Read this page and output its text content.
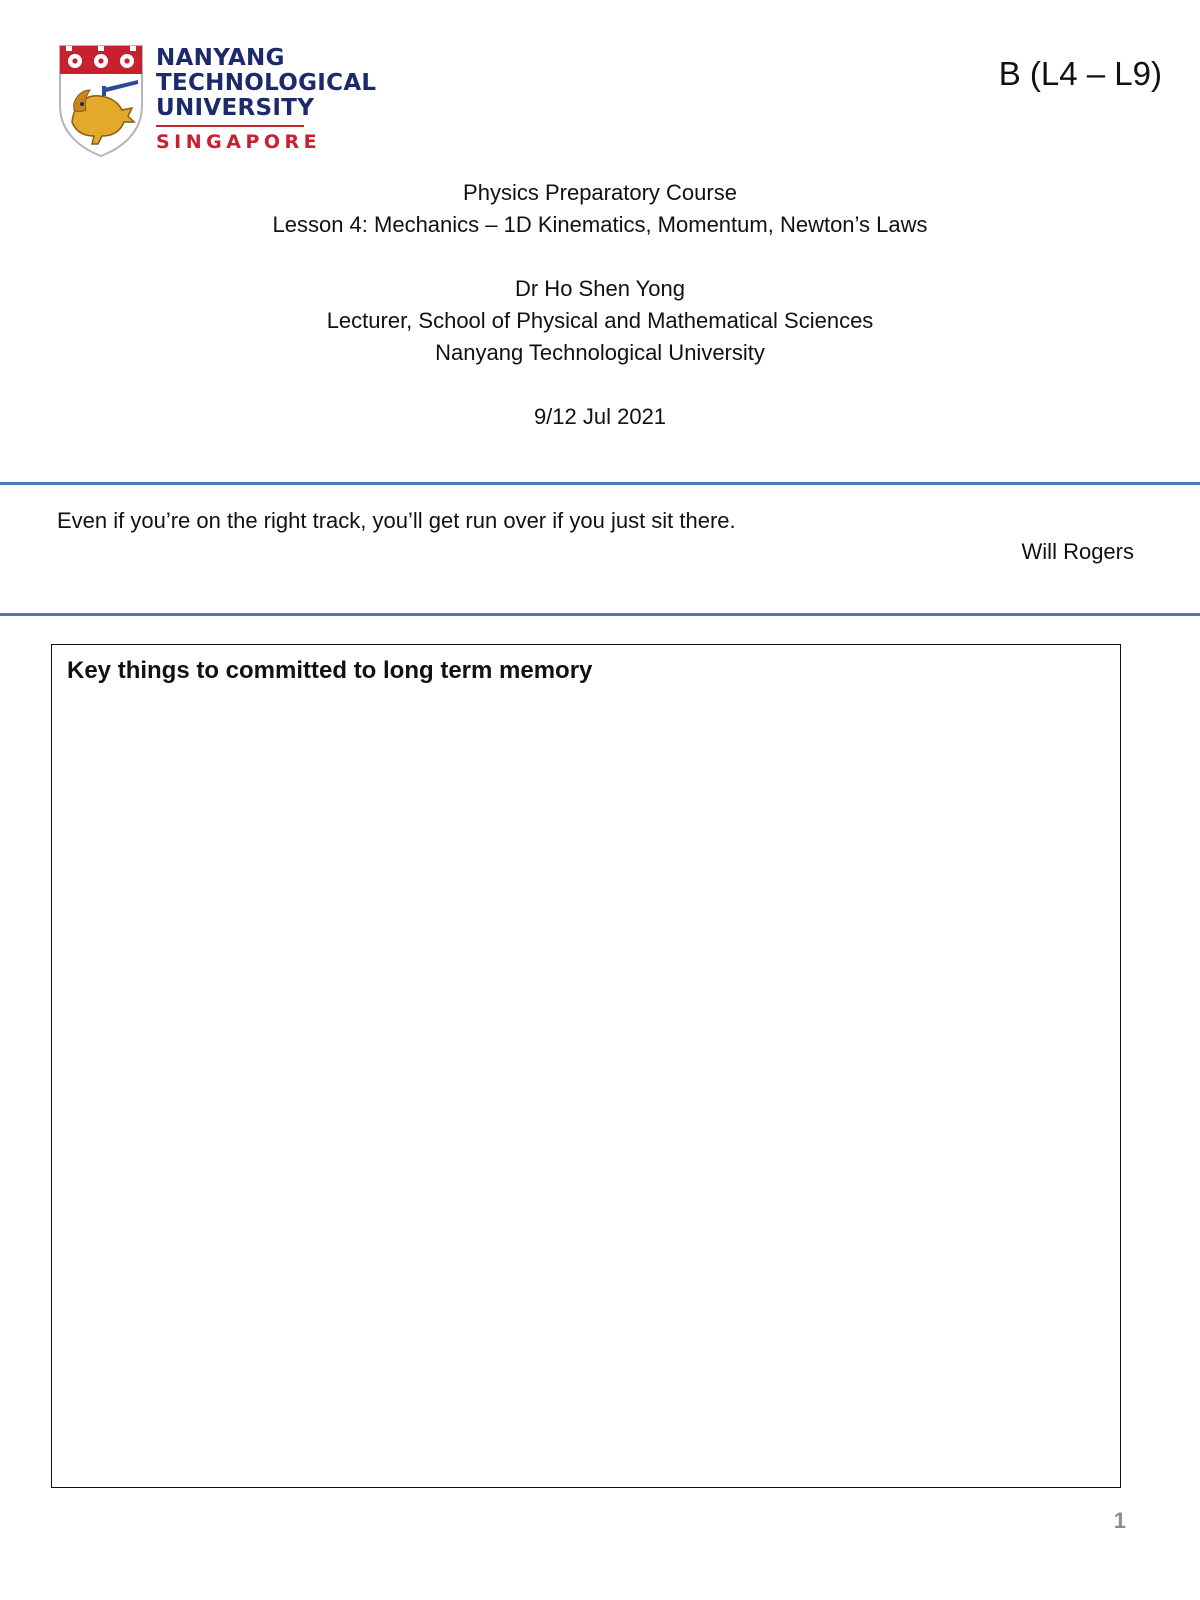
NANYANG
TECHNOLOGICAL
UNIVERSITY
SINGAPORE
B (L4 – L9)
Physics Preparatory Course
Lesson 4: Mechanics – 1D Kinematics, Momentum, Newton’s Laws
Dr Ho Shen Yong
Lecturer, School of Physical and Mathematical Sciences
Nanyang Technological University
9/12 Jul 2021
Even if you’re on the right track, you’ll get run over if you just sit there.
Will Rogers
Key things to committed to long term memory
1
